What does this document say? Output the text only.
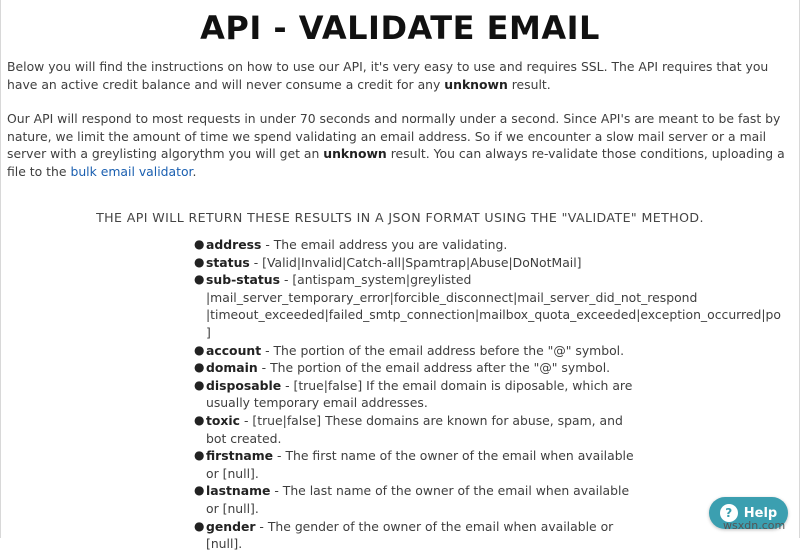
API - VALIDATE EMAIL

Below you will find the instructions on how to use our API, it's very easy to use and requires SSL. The API requires that you have an active credit balance and will never consume a credit for any unknown result.

Our API will respond to most requests in under 70 seconds and normally under a second. Since API's are meant to be fast by nature, we limit the amount of time we spend validating an email address. So if we encounter a slow mail server or a mail server with a greylisting algorythm you will get an unknown result. You can always re-validate those conditions, uploading a file to the bulk email validator.

THE API WILL RETURN THESE RESULTS IN A JSON FORMAT USING THE "VALIDATE" METHOD.
● address - The email address you are validating.
● status - [Valid|Invalid|Catch-all|Spamtrap|Abuse|DoNotMail]
● sub-status - [antispam_system|greylisted
|mail_server_temporary_error|forcible_disconnect|mail_server_did_not_respond
|timeout_exceeded|failed_smtp_connection|mailbox_quota_exceeded|exception_occurred|po
]
● account - The portion of the email address before the "@" symbol.
● domain - The portion of the email address after the "@" symbol.
● disposable - [true|false] If the email domain is diposable, which are usually temporary email addresses.
● toxic - [true|false] These domains are known for abuse, spam, and bot created.
● firstname - The first name of the owner of the email when available or [null].
● lastname - The last name of the owner of the email when available or [null].
● gender - The gender of the owner of the email when available or [null].
? Help
wsxdn.com
